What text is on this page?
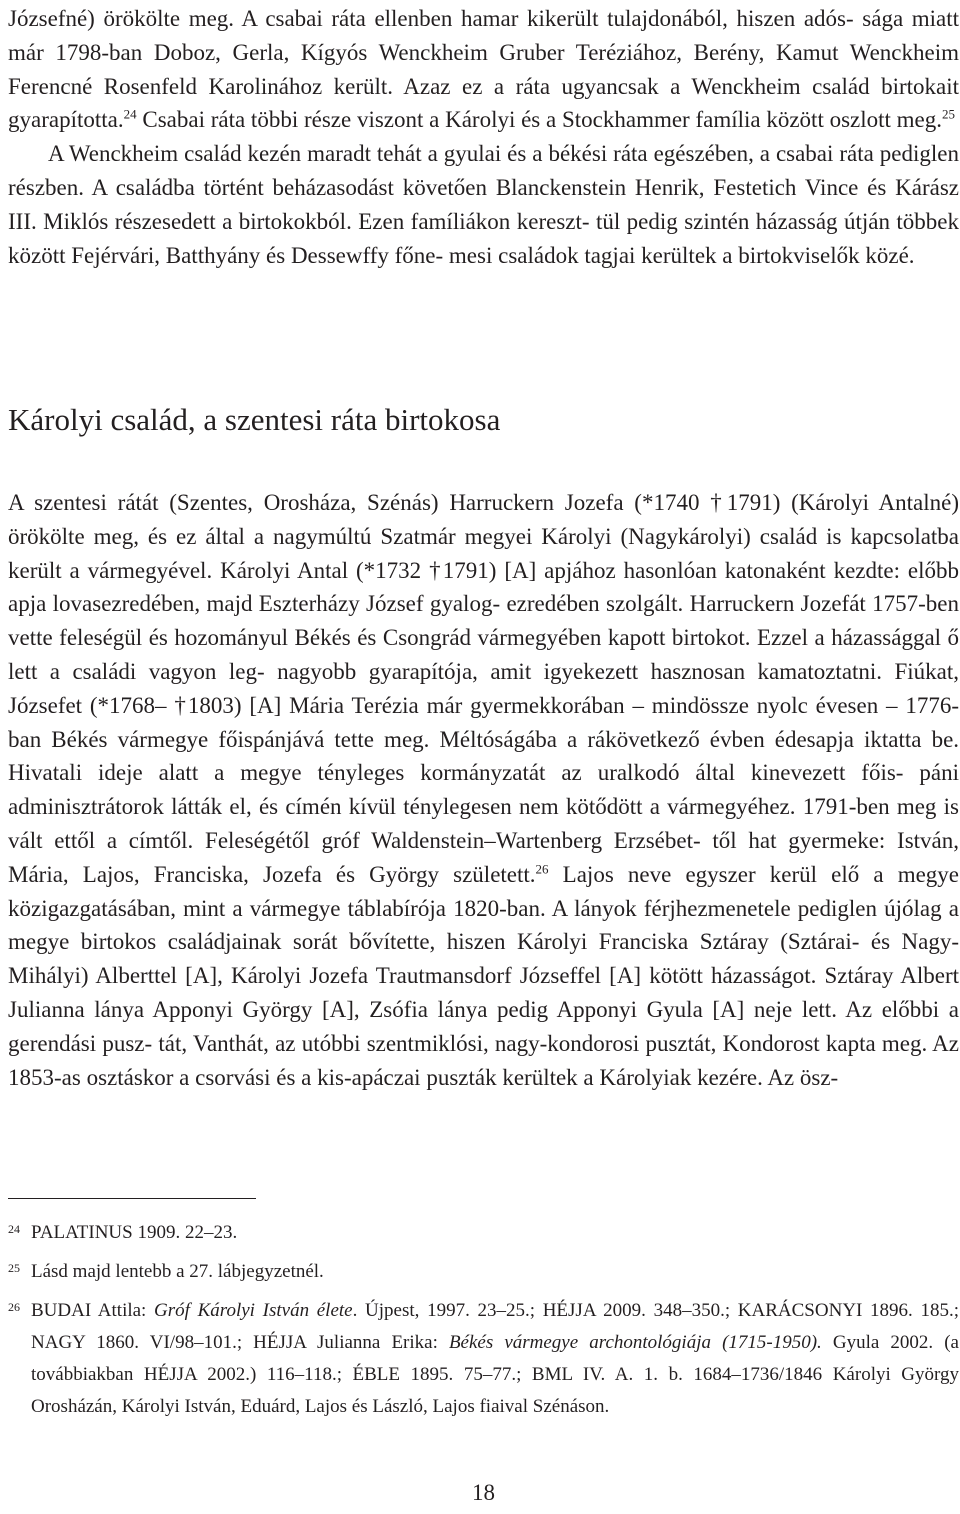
Józsefné) örökölte meg. A csabai ráta ellenben hamar kikerült tulajdonából, hiszen adós- sága miatt már 1798-ban Doboz, Gerla, Kígyós Wenckheim Gruber Teréziához, Berény, Kamut Wenckheim Ferencné Rosenfeld Karolinához került. Azaz ez a ráta ugyancsak a Wenckheim család birtokait gyarapította.$^{24}$ Csabai ráta többi része viszont a Károlyi és a Stockhammer família között oszlott meg.$^{25}$
A Wenckheim család kezén maradt tehát a gyulai és a békési ráta egészében, a csabai ráta pediglen részben. A családba történt beházasodást követően Blanckenstein Henrik, Festetich Vince és Kárász III. Miklós részesedett a birtokokból. Ezen famíliákon kereszt- tül pedig szintén házasság útján többek között Fejérvári, Batthyány és Dessewffy főne- mesi családok tagjai kerültek a birtokviselők közé.

Károlyi család, a szentesi ráta birtokosa

A szentesi rátát (Szentes, Orosháza, Szénás) Harruckern Jozefa (*1740 †1791) (Károlyi Antalné) örökölte meg, és ez által a nagymúltú Szatmár megyei Károlyi (Nagykárolyi) család is kapcsolatba került a vármegyével. Károlyi Antal (*1732 †1791) [A] apjához hasonlóan katonaként kezdte: előbb apja lovasezredében, majd Eszterházy József gyalog- ezredében szolgált. Harruckern Jozefát 1757-ben vette feleségül és hozományul Békés és Csongrád vármegyében kapott birtokot. Ezzel a házassággal ő lett a családi vagyon leg- nagyobb gyarapítója, amit igyekezett hasznosan kamatoztatni. Fiúkat, Józsefet (*1768– †1803) [A] Mária Terézia már gyermekkorában – mindössze nyolc évesen – 1776-ban Békés vármegye főispánjává tette meg. Méltóságába a rákövetkező évben édesapja iktatta be. Hivatali ideje alatt a megye tényleges kormányzatát az uralkodó által kinevezett főis- páni adminisztrátorok látták el, és címén kívül ténylegesen nem kötődött a vármegyéhez. 1791-ben meg is vált ettől a címtől. Feleségétől gróf Waldenstein–Wartenberg Erzsébet- től hat gyermeke: István, Mária, Lajos, Franciska, Jozefa és György született.$^{26}$ Lajos neve egyszer kerül elő a megye közigazgatásában, mint a vármegye táblabírója 1820-ban. A lányok férjhezmenetele pediglen újólag a megye birtokos családjainak sorát bővítette, hiszen Károlyi Franciska Sztáray (Sztárai- és Nagy-Mihályi) Alberttel [A], Károlyi Jozefa Trautmansdorf Józseffel [A] kötött házasságot. Sztáray Albert Julianna lánya Apponyi György [A], Zsófia lánya pedig Apponyi Gyula [A] neje lett. Az előbbi a gerendási pusz- tát, Vanthát, az utóbbi szentmiklósi, nagy-kondorosi pusztát, Kondorost kapta meg. Az 1853-as osztáskor a csorvási és a kis-apáczai puszták kerültek a Károlyiak kezére. Az ösz-

24 PALATINUS 1909. 22–23.

25 Lásd majd lentebb a 27. lábjegyzetnél.

26 BUDAI Attila: Gróf Károlyi István élete. Újpest, 1997. 23–25.; HÉJJA 2009. 348–350.; KARÁCSONYI 1896. 185.; NAGY 1860. VI/98–101.; HÉJJA Julianna Erika: Békés vármegye archontológiája (1715-1950). Gyula 2002. (a továbbiakban HÉJJA 2002.) 116–118.; ÉBLE 1895. 75–77.; BML IV. A. 1. b. 1684–1736/1846 Károlyi György Orosházán, Károlyi István, Eduárd, Lajos és László, Lajos fiaival Szénáson.

18
